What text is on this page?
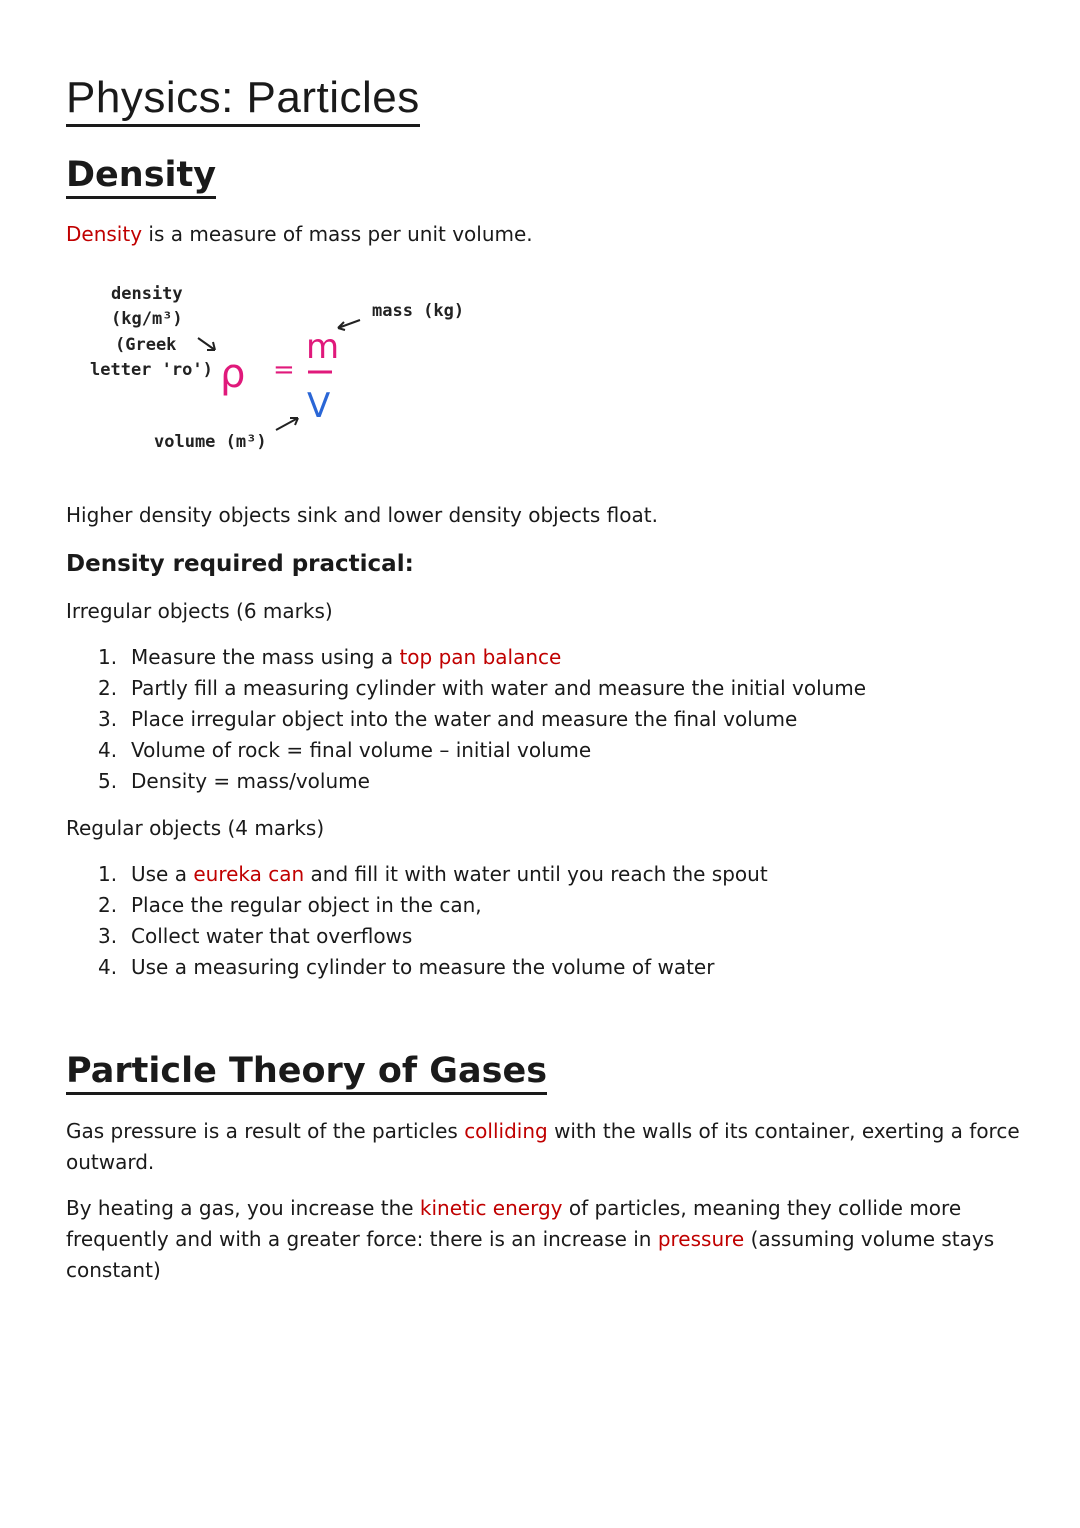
Physics: Particles
Density

Density is a measure of mass per unit volume.

density
(kg/m³)
(Greek
letter 'ro') ρ =
m
V
mass (kg)
volume (m³)

Higher density objects sink and lower density objects float.

Density required practical:

Irregular objects (6 marks)

1. Measure the mass using a top pan balance
2. Partly fill a measuring cylinder with water and measure the initial volume
3. Place irregular object into the water and measure the final volume
4. Volume of rock = final volume – initial volume
5. Density = mass/volume

Regular objects (4 marks)

1. Use a eureka can and fill it with water until you reach the spout
2. Place the regular object in the can,
3. Collect water that overflows
4. Use a measuring cylinder to measure the volume of water
Particle Theory of Gases

Gas pressure is a result of the particles colliding with the walls of its container, exerting a force outward.

By heating a gas, you increase the kinetic energy of particles, meaning they collide more frequently and with a greater force: there is an increase in pressure (assuming volume stays constant)
